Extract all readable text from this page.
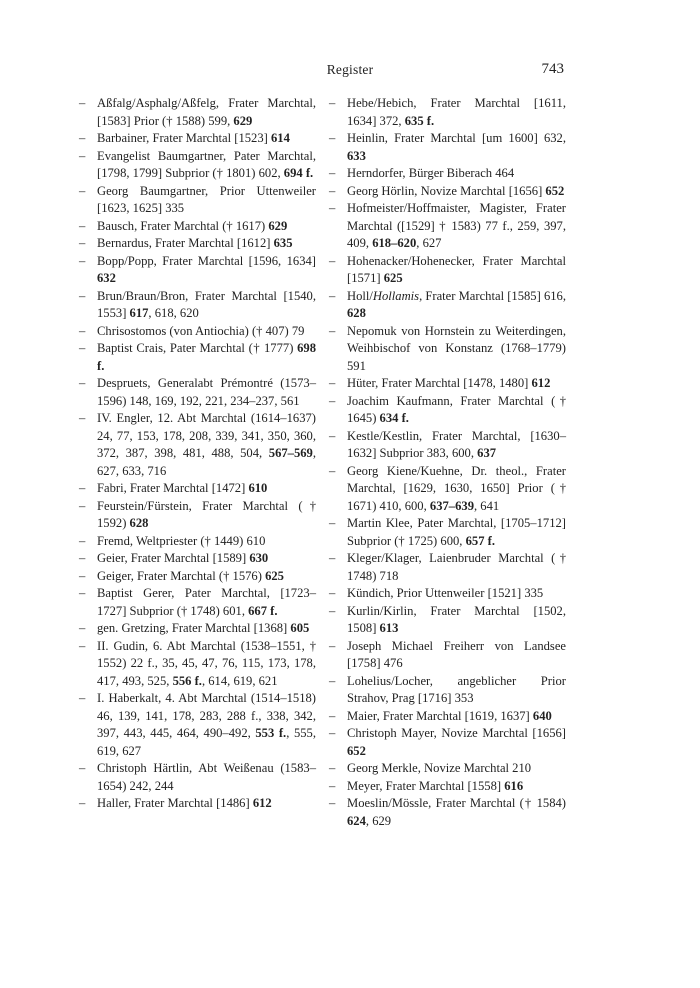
Register	743
– Aßfalg/Asphalg/Aßfelg, Frater Marchtal, [1583] Prior († 1588) 599, 629
– Barbainer, Frater Marchtal [1523] 614
– Evangelist Baumgartner, Pater Marchtal, [1798, 1799] Subprior († 1801) 602, 694 f.
– Georg Baumgartner, Prior Uttenweiler [1623, 1625] 335
– Bausch, Frater Marchtal († 1617) 629
– Bernardus, Frater Marchtal [1612] 635
– Bopp/Popp, Frater Marchtal [1596, 1634] 632
– Brun/Braun/Bron, Frater Marchtal [1540, 1553] 617, 618, 620
– Chrisostomos (von Antiochia) († 407) 79
– Baptist Crais, Pater Marchtal († 1777) 698 f.
– Despruets, Generalabt Prémontré (1573–1596) 148, 169, 192, 221, 234–237, 561
– IV. Engler, 12. Abt Marchtal (1614–1637) 24, 77, 153, 178, 208, 339, 341, 350, 360, 372, 387, 398, 481, 488, 504, 567–569, 627, 633, 716
– Fabri, Frater Marchtal [1472] 610
– Feurstein/Fürstein, Frater Marchtal († 1592) 628
– Fremd, Weltpriester († 1449) 610
– Geier, Frater Marchtal [1589] 630
– Geiger, Frater Marchtal († 1576) 625
– Baptist Gerer, Pater Marchtal, [1723–1727] Subprior († 1748) 601, 667 f.
– gen. Gretzing, Frater Marchtal [1368] 605
– II. Gudin, 6. Abt Marchtal (1538–1551, † 1552) 22 f., 35, 45, 47, 76, 115, 173, 178, 417, 493, 525, 556 f., 614, 619, 621
– I. Haberkalt, 4. Abt Marchtal (1514–1518) 46, 139, 141, 178, 283, 288 f., 338, 342, 397, 443, 445, 464, 490–492, 553 f., 555, 619, 627
– Christoph Härtlin, Abt Weißenau (1583–1654) 242, 244
– Haller, Frater Marchtal [1486] 612
– Hebe/Hebich, Frater Marchtal [1611, 1634] 372, 635 f.
– Heinlin, Frater Marchtal [um 1600] 632, 633
– Herndorfer, Bürger Biberach 464
– Georg Hörlin, Novize Marchtal [1656] 652
– Hofmeister/Hoffmaister, Magister, Frater Marchtal ([1529] † 1583) 77 f., 259, 397, 409, 618–620, 627
– Hohenacker/Hohenecker, Frater Marchtal [1571] 625
– Holl/Hollamis, Frater Marchtal [1585] 616, 628
– Nepomuk von Hornstein zu Weiterdingen, Weihbischof von Konstanz (1768–1779) 591
– Hüter, Frater Marchtal [1478, 1480] 612
– Joachim Kaufmann, Frater Marchtal († 1645) 634 f.
– Kestle/Kestlin, Frater Marchtal, [1630–1632] Subprior 383, 600, 637
– Georg Kiene/Kuehne, Dr. theol., Frater Marchtal, [1629, 1630, 1650] Prior († 1671) 410, 600, 637–639, 641
– Martin Klee, Pater Marchtal, [1705–1712] Subprior († 1725) 600, 657 f.
– Kleger/Klager, Laienbruder Marchtal († 1748) 718
– Kündich, Prior Uttenweiler [1521] 335
– Kurlin/Kirlin, Frater Marchtal [1502, 1508] 613
– Joseph Michael Freiherr von Landsee [1758] 476
– Lohelius/Locher, angeblicher Prior Strahov, Prag [1716] 353
– Maier, Frater Marchtal [1619, 1637] 640
– Christoph Mayer, Novize Marchtal [1656] 652
– Georg Merkle, Novize Marchtal 210
– Meyer, Frater Marchtal [1558] 616
– Moeslin/Mössle, Frater Marchtal († 1584) 624, 629
